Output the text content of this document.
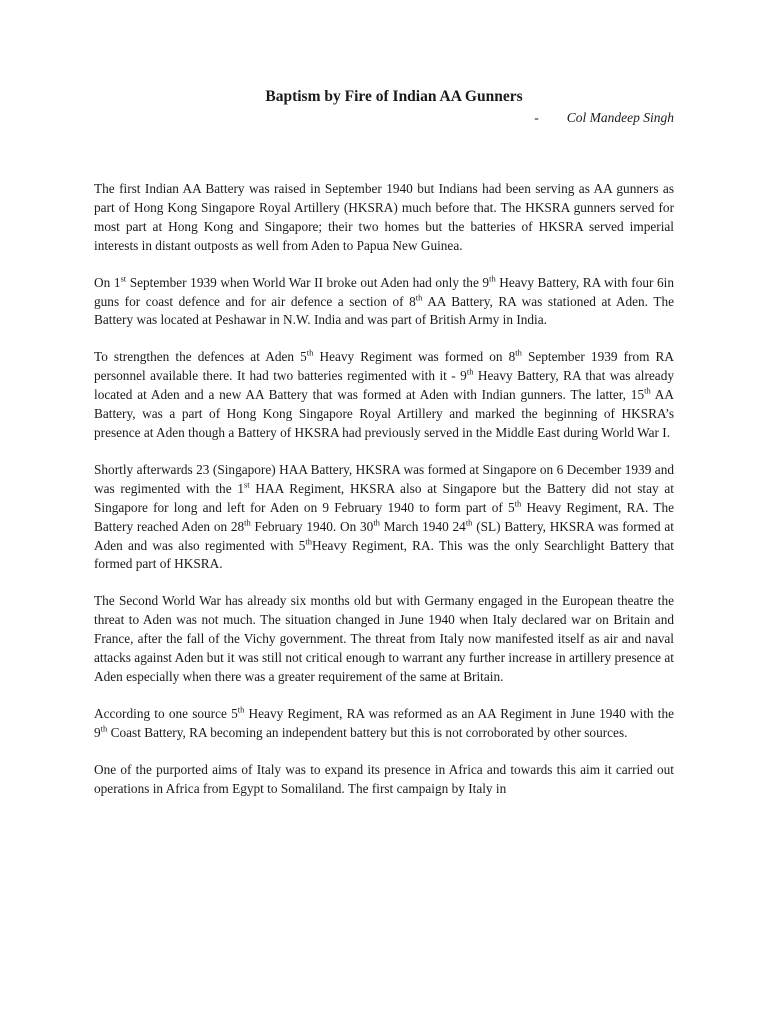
Baptism by Fire of Indian AA Gunners
- Col Mandeep Singh

The first Indian AA Battery was raised in September 1940 but Indians had been serving as AA gunners as part of Hong Kong Singapore Royal Artillery (HKSRA) much before that. The HKSRA gunners served for most part at Hong Kong and Singapore; their two homes but the batteries of HKSRA served imperial interests in distant outposts as well from Aden to Papua New Guinea.

On 1st September 1939 when World War II broke out Aden had only the 9th Heavy Battery, RA with four 6in guns for coast defence and for air defence a section of 8th AA Battery, RA was stationed at Aden. The Battery was located at Peshawar in N.W. India and was part of British Army in India.

To strengthen the defences at Aden 5th Heavy Regiment was formed on 8th September 1939 from RA personnel available there. It had two batteries regimented with it - 9th Heavy Battery, RA that was already located at Aden and a new AA Battery that was formed at Aden with Indian gunners. The latter, 15th AA Battery, was a part of Hong Kong Singapore Royal Artillery and marked the beginning of HKSRA’s presence at Aden though a Battery of HKSRA had previously served in the Middle East during World War I.

Shortly afterwards 23 (Singapore) HAA Battery, HKSRA was formed at Singapore on 6 December 1939 and was regimented with the 1st HAA Regiment, HKSRA also at Singapore but the Battery did not stay at Singapore for long and left for Aden on 9 February 1940 to form part of 5th Heavy Regiment, RA. The Battery reached Aden on 28th February 1940. On 30th March 1940 24th (SL) Battery, HKSRA was formed at Aden and was also regimented with 5thHeavy Regiment, RA. This was the only Searchlight Battery that formed part of HKSRA.

The Second World War has already six months old but with Germany engaged in the European theatre the threat to Aden was not much. The situation changed in June 1940 when Italy declared war on Britain and France, after the fall of the Vichy government. The threat from Italy now manifested itself as air and naval attacks against Aden but it was still not critical enough to warrant any further increase in artillery presence at Aden especially when there was a greater requirement of the same at Britain.

According to one source 5th Heavy Regiment, RA was reformed as an AA Regiment in June 1940 with the 9th Coast Battery, RA becoming an independent battery but this is not corroborated by other sources.

One of the purported aims of Italy was to expand its presence in Africa and towards this aim it carried out operations in Africa from Egypt to Somaliland. The first campaign by Italy in
